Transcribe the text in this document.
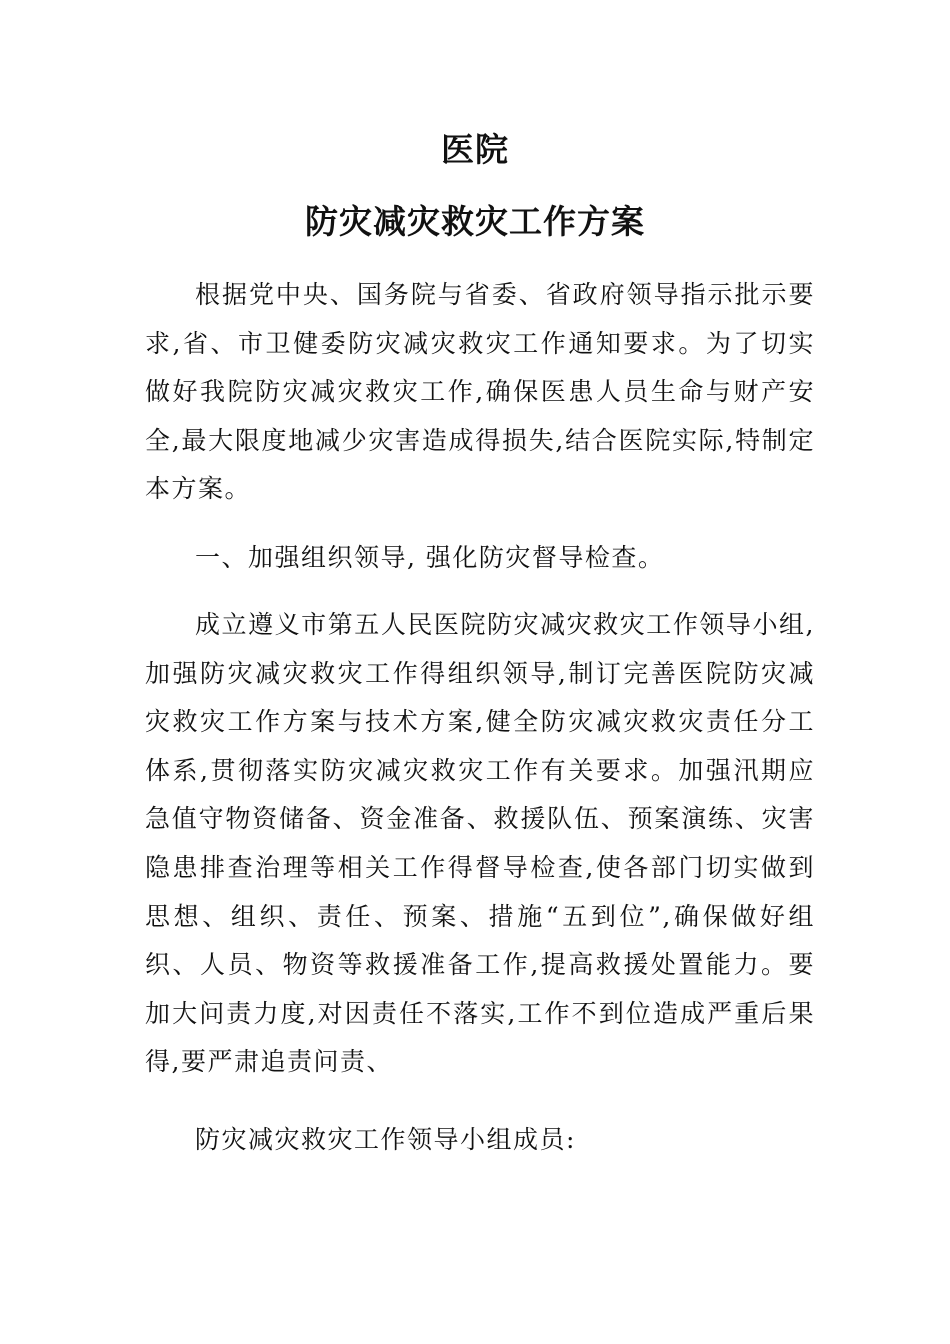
医院
防灾减灾救灾工作方案

根据党中央、国务院与省委、省政府领导指示批示要求,省、市卫健委防灾减灾救灾工作通知要求。为了切实做好我院防灾减灾救灾工作,确保医患人员生命与财产安全,最大限度地减少灾害造成得损失,结合医院实际,特制定本方案。

一、加强组织领导, 强化防灾督导检查。

成立遵义市第五人民医院防灾减灾救灾工作领导小组,加强防灾减灾救灾工作得组织领导,制订完善医院防灾减灾救灾工作方案与技术方案,健全防灾减灾救灾责任分工体系,贯彻落实防灾减灾救灾工作有关要求。加强汛期应急值守物资储备、资金准备、救援队伍、预案演练、灾害隐患排查治理等相关工作得督导检查,使各部门切实做到思想、组织、责任、预案、措施“五到位”,确保做好组织、人员、物资等救援准备工作,提高救援处置能力。要加大问责力度,对因责任不落实,工作不到位造成严重后果得,要严肃追责问责、

防灾减灾救灾工作领导小组成员:
